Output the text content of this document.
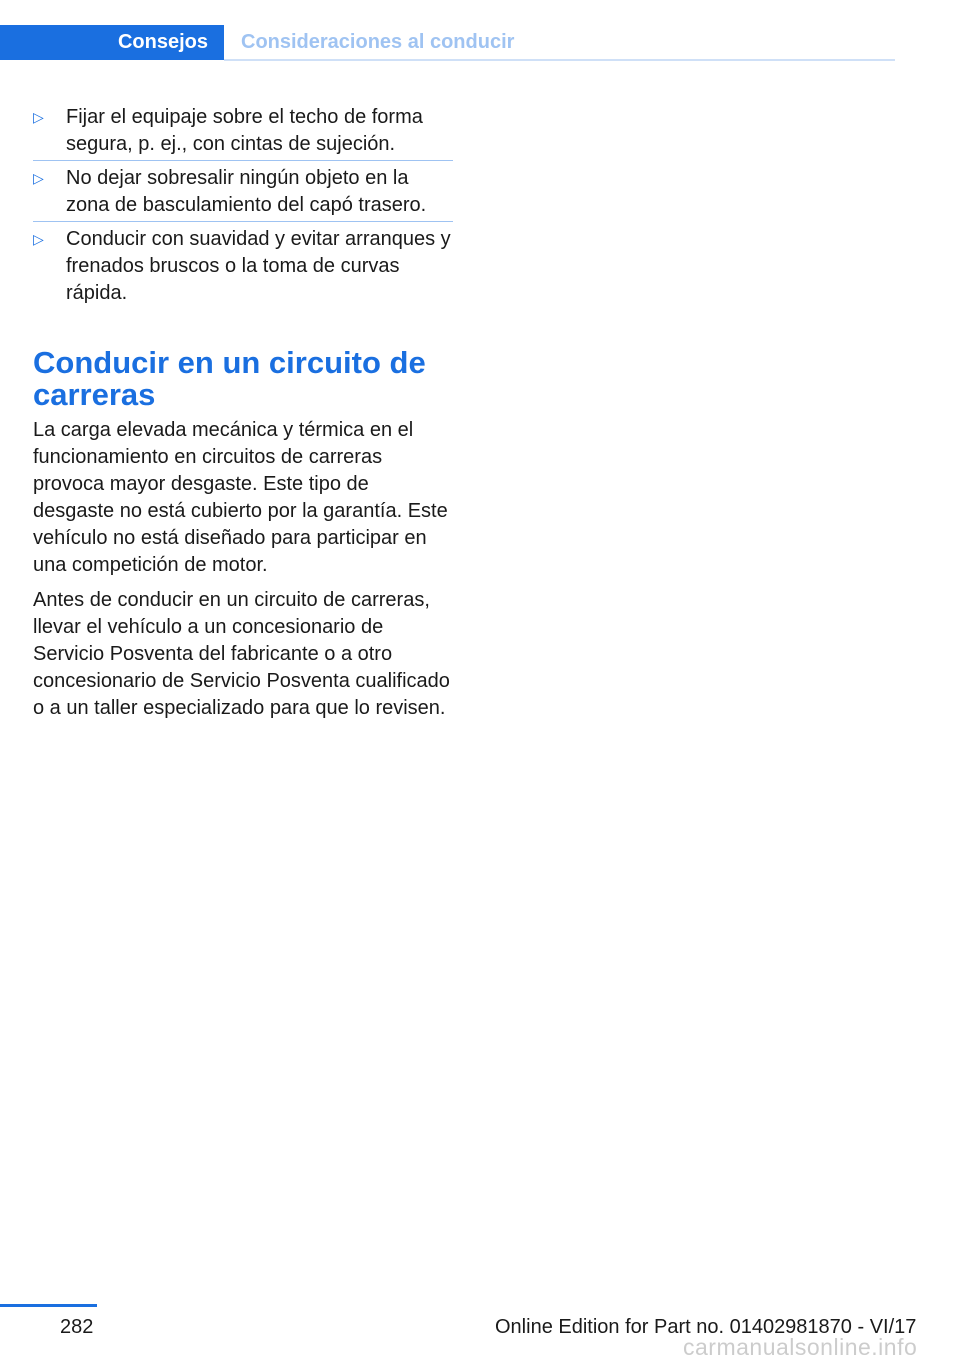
Consejos	Consideraciones al conducir
▷ Fijar el equipaje sobre el techo de forma segura, p. ej., con cintas de sujeción.
▷ No dejar sobresalir ningún objeto en la zona de basculamiento del capó trasero.
▷ Conducir con suavidad y evitar arranques y frenados bruscos o la toma de curvas rápida.
Conducir en un circuito de carreras

La carga elevada mecánica y térmica en el funcionamiento en circuitos de carreras provoca mayor desgaste. Este tipo de desgaste no está cubierto por la garantía. Este vehículo no está diseñado para participar en una competición de motor.

Antes de conducir en un circuito de carreras, llevar el vehículo a un concesionario de Servicio Posventa del fabricante o a otro concesionario de Servicio Posventa cualificado o a un taller especializado para que lo revisen.

282	Online Edition for Part no. 01402981870 - VI/17
carmanualsonline.info
